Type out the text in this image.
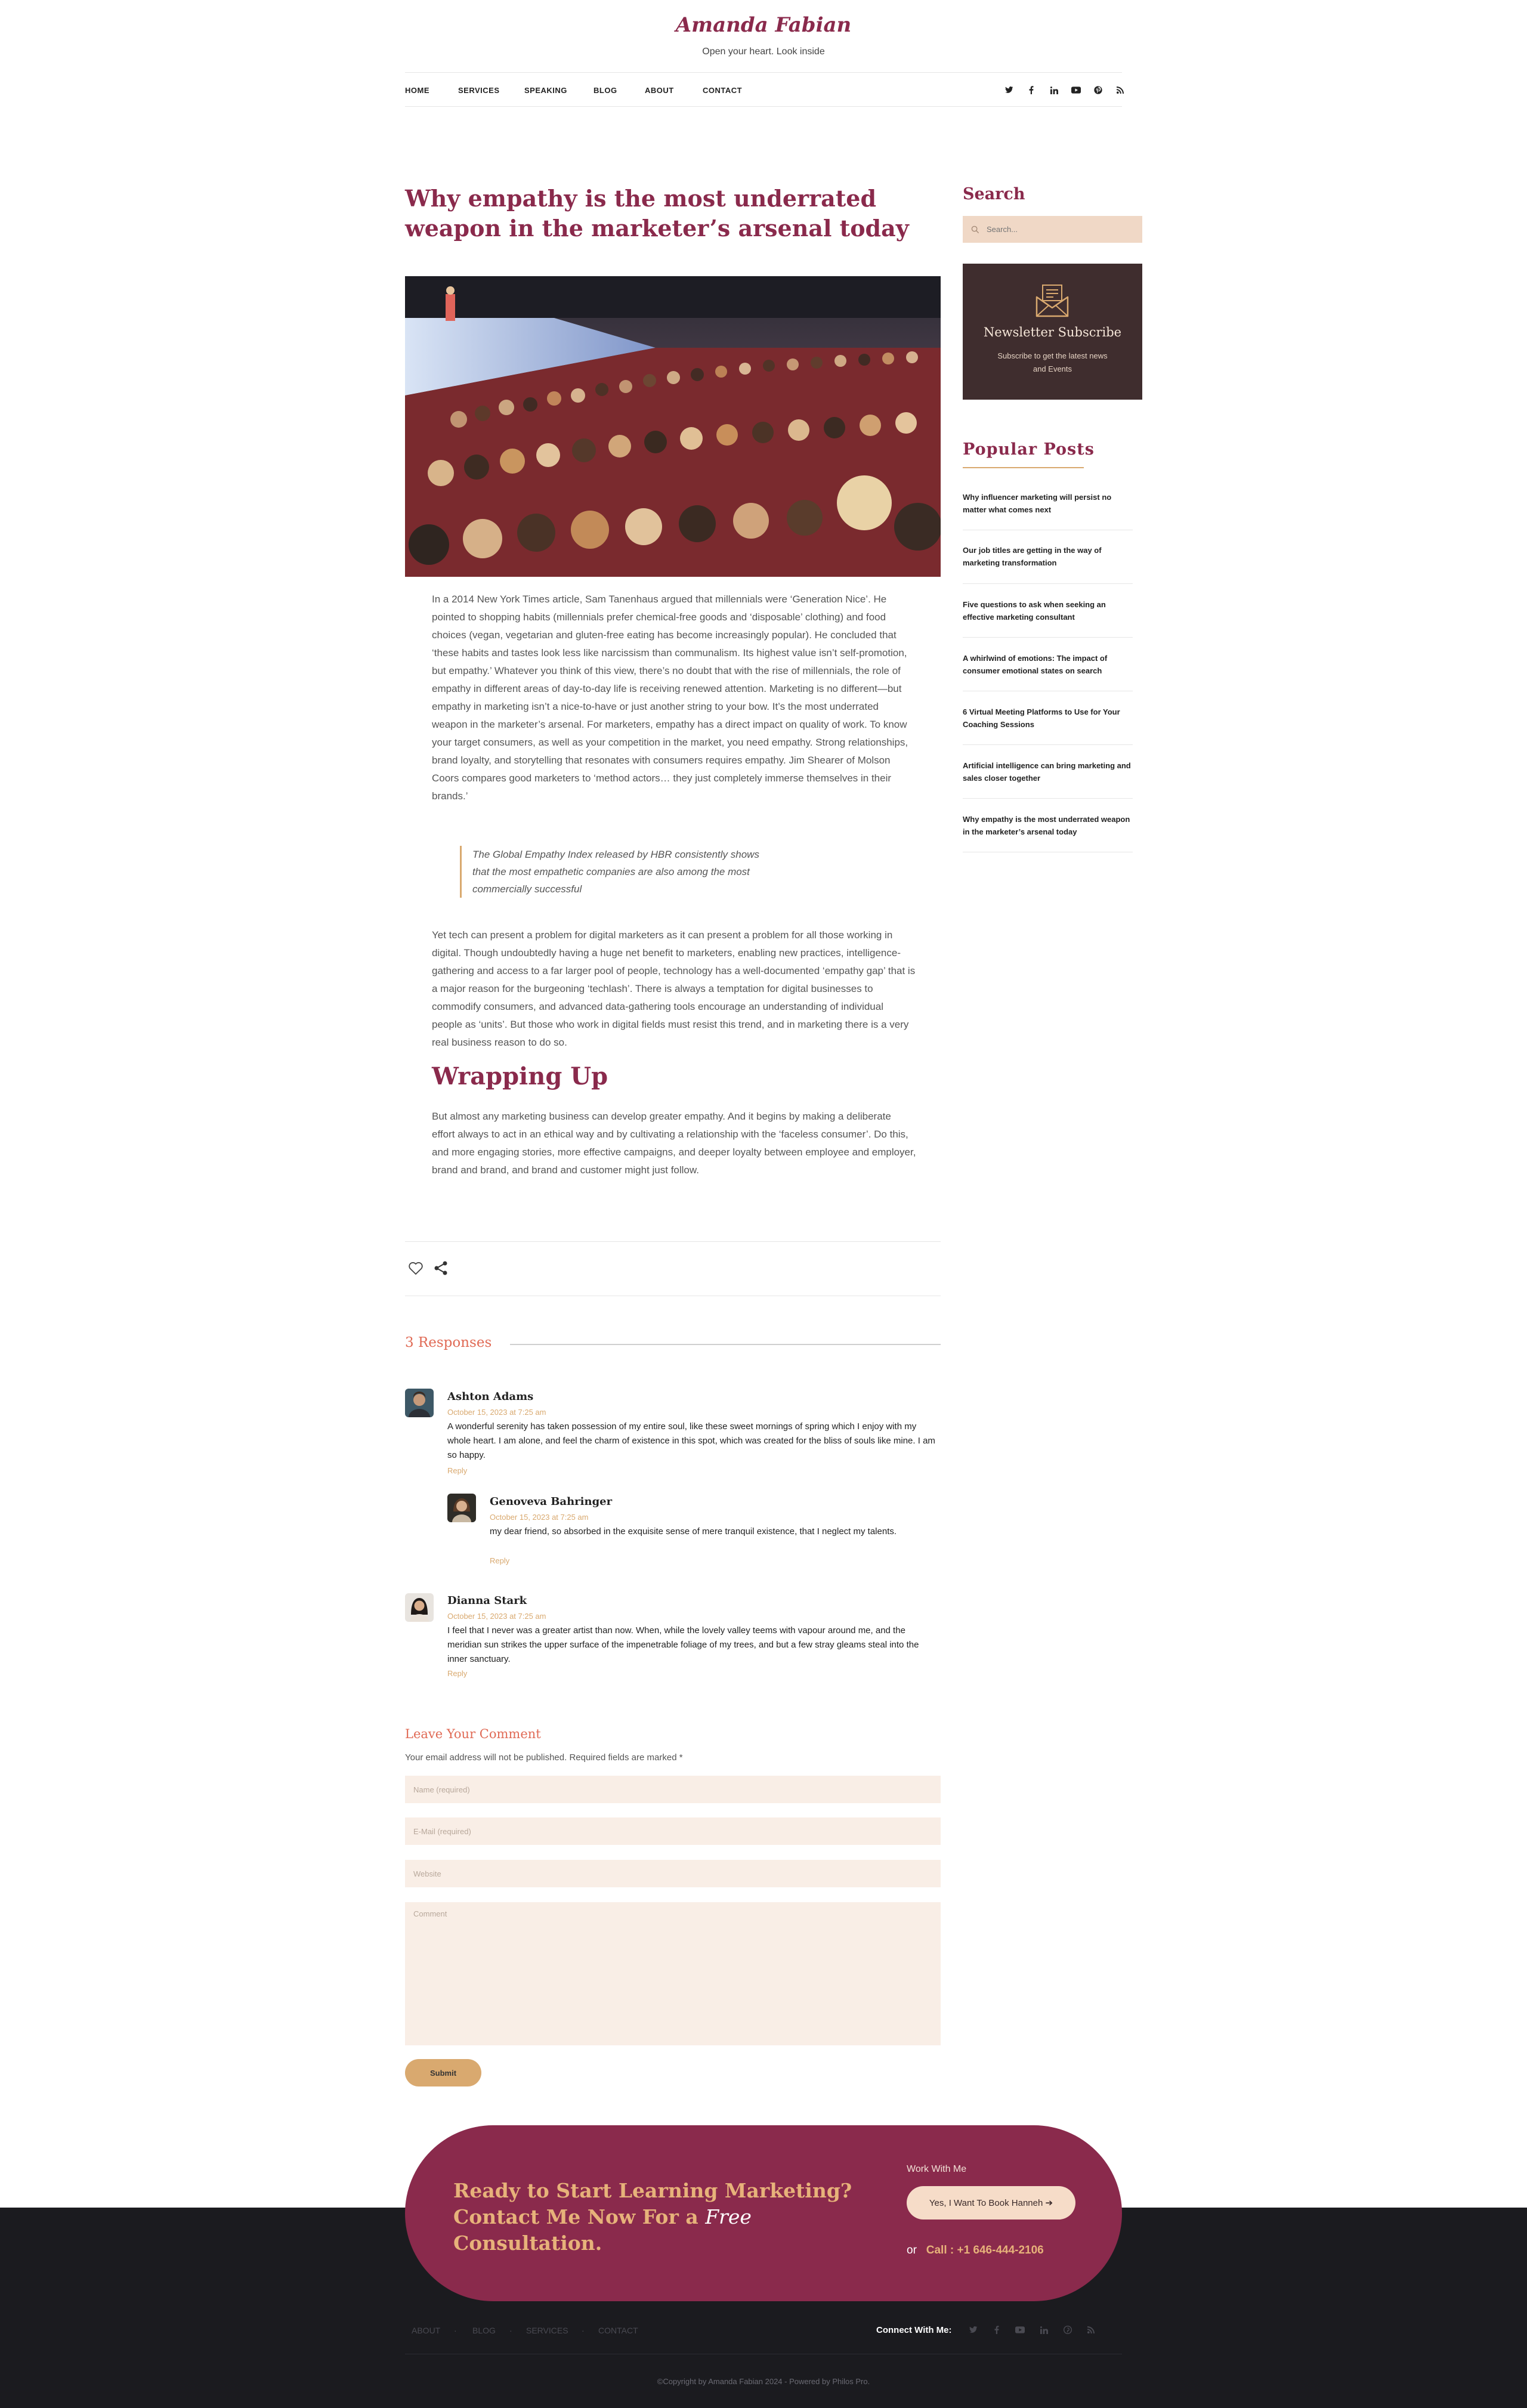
Amanda Fabian
Open your heart. Look inside
HOME	SERVICES	SPEAKING	BLOG	ABOUT	CONTACT
Why empathy is the most underrated weapon in the marketer’s arsenal today

In a 2014 New York Times article, Sam Tanenhaus argued that millennials were ‘Generation Nice’. He pointed to shopping habits (millennials prefer chemical-free goods and ‘disposable’ clothing) and food choices (vegan, vegetarian and gluten-free eating has become increasingly popular). He concluded that ‘these habits and tastes look less like narcissism than communalism. Its highest value isn’t self-promotion, but empathy.’ Whatever you think of this view, there’s no doubt that with the rise of millennials, the role of empathy in different areas of day-to-day life is receiving renewed attention. Marketing is no different—but empathy in marketing isn’t a nice-to-have or just another string to your bow. It’s the most underrated weapon in the marketer’s arsenal. For marketers, empathy has a direct impact on quality of work. To know your target consumers, as well as your competition in the market, you need empathy. Strong relationships, brand loyalty, and storytelling that resonates with consumers requires empathy. Jim Shearer of Molson Coors compares good marketers to ‘method actors… they just completely immerse themselves in their brands.’

The Global Empathy Index released by HBR consistently shows that the most empathetic companies are also among the most commercially successful

Yet tech can present a problem for digital marketers as it can present a problem for all those working in digital. Though undoubtedly having a huge net benefit to marketers, enabling new practices, intelligence-gathering and access to a far larger pool of people, technology has a well-documented ‘empathy gap’ that is a major reason for the burgeoning ‘techlash’. There is always a temptation for digital businesses to commodify consumers, and advanced data-gathering tools encourage an understanding of individual people as ‘units’. But those who work in digital fields must resist this trend, and in marketing there is a very real business reason to do so.

Wrapping Up

But almost any marketing business can develop greater empathy. And it begins by making a deliberate effort always to act in an ethical way and by cultivating a relationship with the ‘faceless consumer’. Do this, and more engaging stories, more effective campaigns, and deeper loyalty between employee and employer, brand and brand, and brand and customer might just follow.

Search
Search...
Newsletter Subscribe
Subscribe to get the latest news and Events
Popular Posts
Why influencer marketing will persist no matter what comes next
Our job titles are getting in the way of marketing transformation
Five questions to ask when seeking an effective marketing consultant
A whirlwind of emotions: The impact of consumer emotional states on search
6 Virtual Meeting Platforms to Use for Your Coaching Sessions
Artificial intelligence can bring marketing and sales closer together
Why empathy is the most underrated weapon in the marketer’s arsenal today
3 Responses
Ashton Adams
October 15, 2023 at 7:25 am
A wonderful serenity has taken possession of my entire soul, like these sweet mornings of spring which I enjoy with my whole heart. I am alone, and feel the charm of existence in this spot, which was created for the bliss of souls like mine. I am so happy.
Reply
Genoveva Bahringer
October 15, 2023 at 7:25 am
my dear friend, so absorbed in the exquisite sense of mere tranquil existence, that I neglect my talents.
Reply
Dianna Stark
October 15, 2023 at 7:25 am
I feel that I never was a greater artist than now. When, while the lovely valley teems with vapour around me, and the meridian sun strikes the upper surface of the impenetrable foliage of my trees, and but a few stray gleams steal into the inner sanctuary.
Reply
Leave Your Comment
Your email address will not be published. Required fields are marked *
Name (required)
E-Mail (required)
Website
Comment
Submit
Ready to Start Learning Marketing? Contact Me Now For a Free Consultation.
Work With Me
Yes, I Want To Book Hanneh ➔
or Call : +1 646-444-2106
ABOUT · BLOG · SERVICES · CONTACT	Connect With Me:
©Copyright by Amanda Fabian 2024 - Powered by Philos Pro.
